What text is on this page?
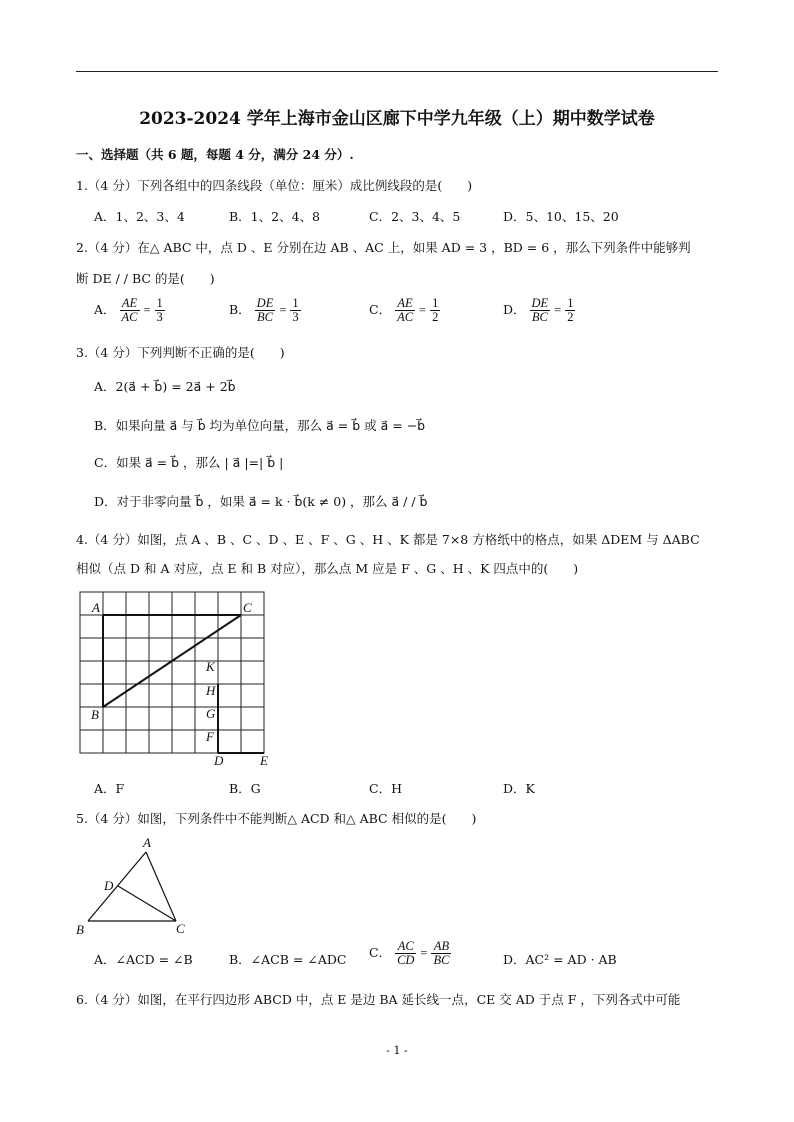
2023-2024 学年上海市金山区廊下中学九年级（上）期中数学试卷
一、选择题（共 6 题，每题 4 分，满分 24 分）.
1.（4 分）下列各组中的四条线段（单位：厘米）成比例线段的是(　　)
A．1、2、3、4	B．1、2、4、8	C．2、3、4、5	D．5、10、15、20
2.（4 分）在△ ABC 中，点 D 、E 分别在边 AB 、AC 上，如果 AD = 3 ，BD = 6 ，那么下列条件中能够判
断 DE / / BC 的是(　　)
A． $\frac{AE}{AC} = \frac{1}{3}$	B． $\frac{DE}{BC} = \frac{1}{3}$	C． $\frac{AE}{AC} = \frac{1}{2}$	D． $\frac{DE}{BC} = \frac{1}{2}$
3.（4 分）下列判断不正确的是(　　)
A．2(a⃗ + b⃗) = 2a⃗ + 2b⃗
B．如果向量 a⃗ 与 b⃗ 均为单位向量，那么 a⃗ = b⃗ 或 a⃗ = −b⃗
C．如果 a⃗ = b⃗ ，那么 | a⃗ |=| b⃗ |
D．对于非零向量 b⃗ ，如果 a⃗ = k · b⃗(k ≠ 0) ，那么 a⃗ / / b⃗
4.（4 分）如图，点 A 、B 、C 、D 、E 、F 、G 、H 、K 都是 7×8 方格纸中的格点，如果 ΔDEM 与 ΔABC
相似（点 D 和 A 对应，点 E 和 B 对应），那么点 M 应是 F 、G 、H 、K 四点中的(　　)
A	C
K
H
B	G
F
D	E
A．F	B．G	C．H	D．K
5.（4 分）如图，下列条件中不能判断△ ACD 和△ ABC 相似的是(　　)
A
D
B	C
A．∠ACD = ∠B	B．∠ACB = ∠ADC C． $\frac{AC}{CD} = \frac{AB}{BC}$	D．AC² = AD · AB
6.（4 分）如图，在平行四边形 ABCD 中，点 E 是边 BA 延长线一点，CE 交 AD 于点 F ，下列各式中可能
- 1 -
